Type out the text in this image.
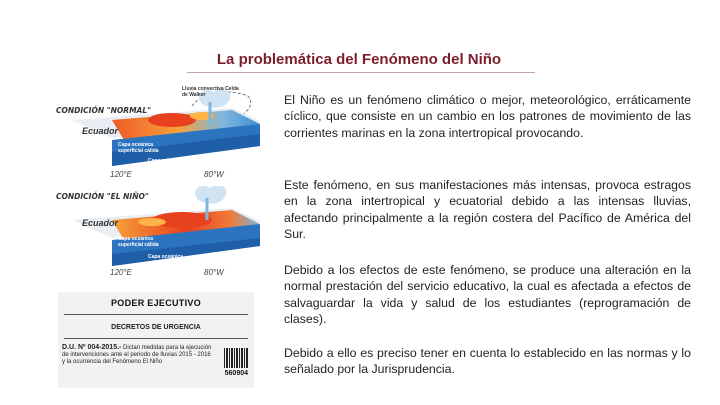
La problemática del Fenómeno del Niño
CONDICIÓN "NORMAL"
Lluvia convectiva Celda de Walker
Ecuador
Capa oceánica superficial cálida
Capa oceánica subsuperficial fría
120°E	80°W
CONDICIÓN "EL NIÑO"
Ecuador
Capa oceánica superficial cálida
Capa oceánica subsuperficial fría
120°E	80°W
PODER EJECUTIVO
DECRETOS DE URGENCIA
D.U. Nº 004-2015.- Dictan medidas para la ejecución de intervenciones ante el periodo de lluvias 2015 - 2016 y la ocurrencia del Fenómeno El Niño
560904

El Niño es un fenómeno climático o mejor, meteorológico, erráticamente cíclico, que consiste en un cambio en los patrones de movimiento de las corrientes marinas en la zona intertropical provocando.

Este fenómeno, en sus manifestaciones más intensas, provoca estragos en la zona intertropical y ecuatorial debido a las intensas lluvias, afectando principalmente a la región costera del Pacífico de América del Sur.

Debido a los efectos de este fenómeno, se produce una alteración en la normal prestación del servicio educativo, la cual es afectada a efectos de salvaguardar la vida y salud de los estudiantes (reprogramación de clases).

Debido a ello es preciso tener en cuenta lo establecido en las normas y lo señalado por la Jurisprudencia.
